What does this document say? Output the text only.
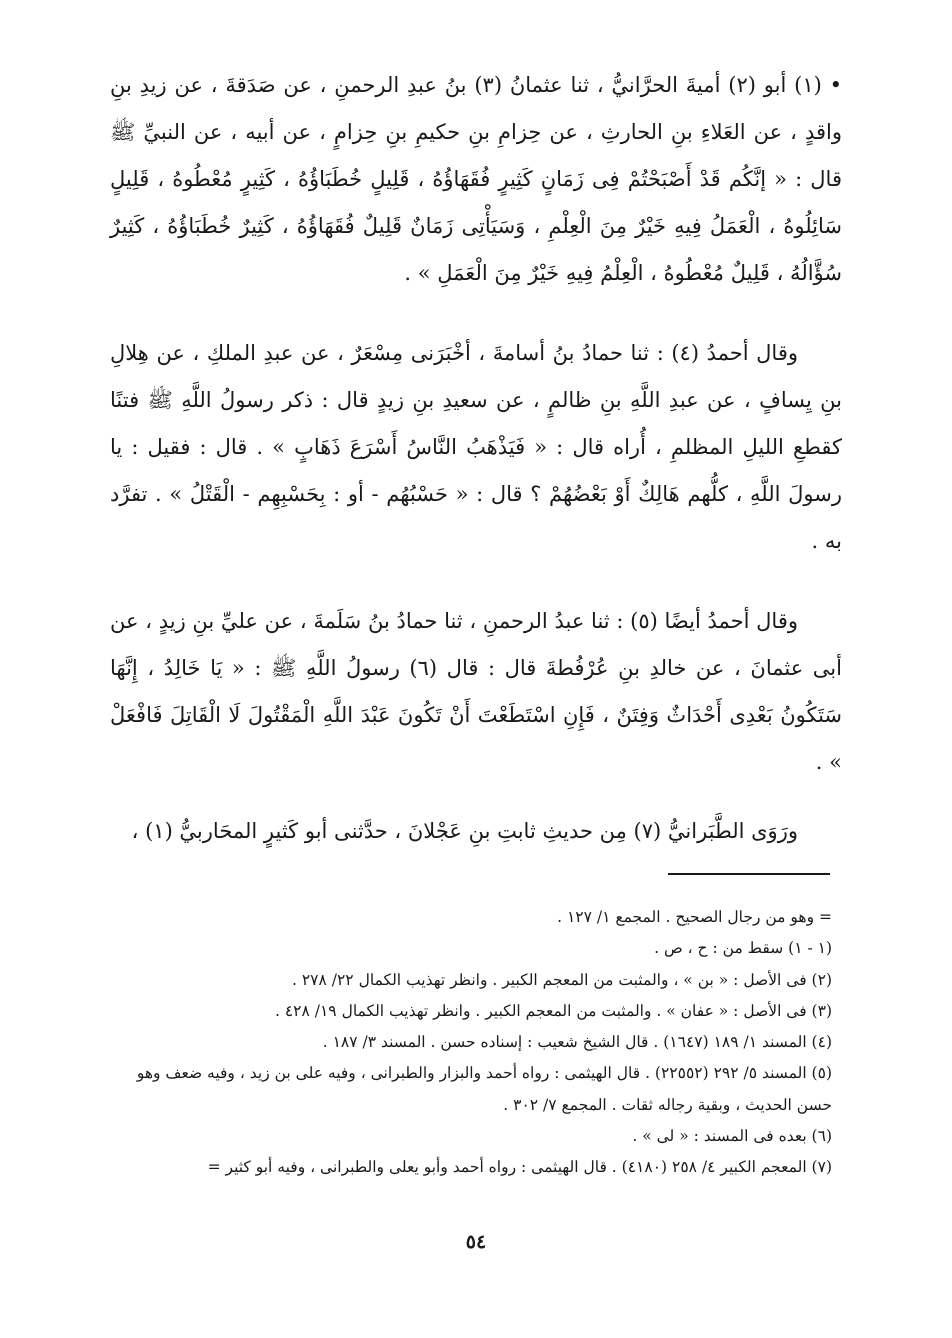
• (١) أبو (٢) أميةَ الحرَّانيُّ ، ثنا عثمانُ (٣) بنُ عبدِ الرحمنِ ، عن صَدَقةَ ، عن زيدِ بنِ واقدٍ ، عن العَلاءِ بنِ الحارثِ ، عن حِزامِ بنِ حكيمِ بنِ حِزامٍ ، عن أبيه ، عن النبيِّ ﷺ قال : « إنَّكُم قَدْ أَصْبَحْتُمْ فِى زَمَانٍ كَثِيرٍ فُقَهَاؤُهُ ، قَلِيلٍ خُطَبَاؤُهُ ، كَثِيرٍ مُعْطُوهُ ، قَلِيلٍ سَائِلُوهُ ، الْعَمَلُ فِيهِ خَيْرٌ مِنَ الْعِلْمِ ، وَسَيَأْتِى زَمَانٌ قَلِيلٌ فُقَهَاؤُهُ ، كَثِيرٌ خُطَبَاؤُهُ ، كَثِيرٌ سُؤَّالُهُ ، قَلِيلٌ مُعْطُوهُ ، الْعِلْمُ فِيهِ خَيْرٌ مِنَ الْعَمَلِ » .

وقال أحمدُ (٤) : ثنا حمادُ بنُ أسامةَ ، أخْبَرَنى مِسْعَرٌ ، عن عبدِ الملكِ ، عن هِلالِ بنِ يِسافٍ ، عن عبدِ اللَّهِ بنِ ظالمٍ ، عن سعيدِ بنِ زيدٍ قال : ذكر رسولُ اللَّهِ ﷺ فتنًا كقطعِ الليلِ المظلمِ ، أُراه قال : « فَيَذْهَبُ النَّاسُ أَسْرَعَ ذَهَابٍ » . قال : فقيل : يا رسولَ اللَّهِ ، كلُّهم هَالِكٌ أَوْ بَعْضُهُمْ ؟ قال : « حَسْبُهُم - أو : بِحَسْبِهِم - الْقَتْلُ » . تفرَّد به .

وقال أحمدُ أيضًا (٥) : ثنا عبدُ الرحمنِ ، ثنا حمادُ بنُ سَلَمةَ ، عن عليِّ بنِ زيدٍ ، عن أبى عثمانَ ، عن خالدِ بنِ عُرْفُطةَ قال : قال (٦) رسولُ اللَّهِ ﷺ : « يَا خَالِدُ ، إِنَّهَا سَتَكُونُ بَعْدِى أَحْدَاثٌ وَفِتَنٌ ، فَإِنِ اسْتَطَعْتَ أَنْ تَكُونَ عَبْدَ اللَّهِ الْمَقْتُولَ لَا الْقَاتِلَ فَافْعَلْ » .

ورَوَى الطَّبَرانيُّ (٧) مِن حديثِ ثابتِ بنِ عَجْلانَ ، حدَّثنى أبو كَثيرٍ المحَاربيُّ (١) ،

= وهو من رجال الصحيح . المجمع ١/ ١٢٧ .

(١ - ١) سقط من : ح ، ص .

(٢) فى الأصل : « بن » ، والمثبت من المعجم الكبير . وانظر تهذيب الكمال ٢٢/ ٢٧٨ .

(٣) فى الأصل : « عفان » . والمثبت من المعجم الكبير . وانظر تهذيب الكمال ١٩/ ٤٢٨ .

(٤) المسند ١/ ١٨٩ (١٦٤٧) . قال الشيخ شعيب : إسناده حسن . المسند ٣/ ١٨٧ .

(٥) المسند ٥/ ٢٩٢ (٢٢٥٥٢) . قال الهيثمى : رواه أحمد والبزار والطبرانى ، وفيه على بن زيد ، وفيه ضعف وهو حسن الحديث ، وبقية رجاله ثقات . المجمع ٧/ ٣٠٢ .

(٦) بعده فى المسند : « لى » .

(٧) المعجم الكبير ٤/ ٢٥٨ (٤١٨٠) . قال الهيثمى : رواه أحمد وأبو يعلى والطبرانى ، وفيه أبو كثير =

٥٤
